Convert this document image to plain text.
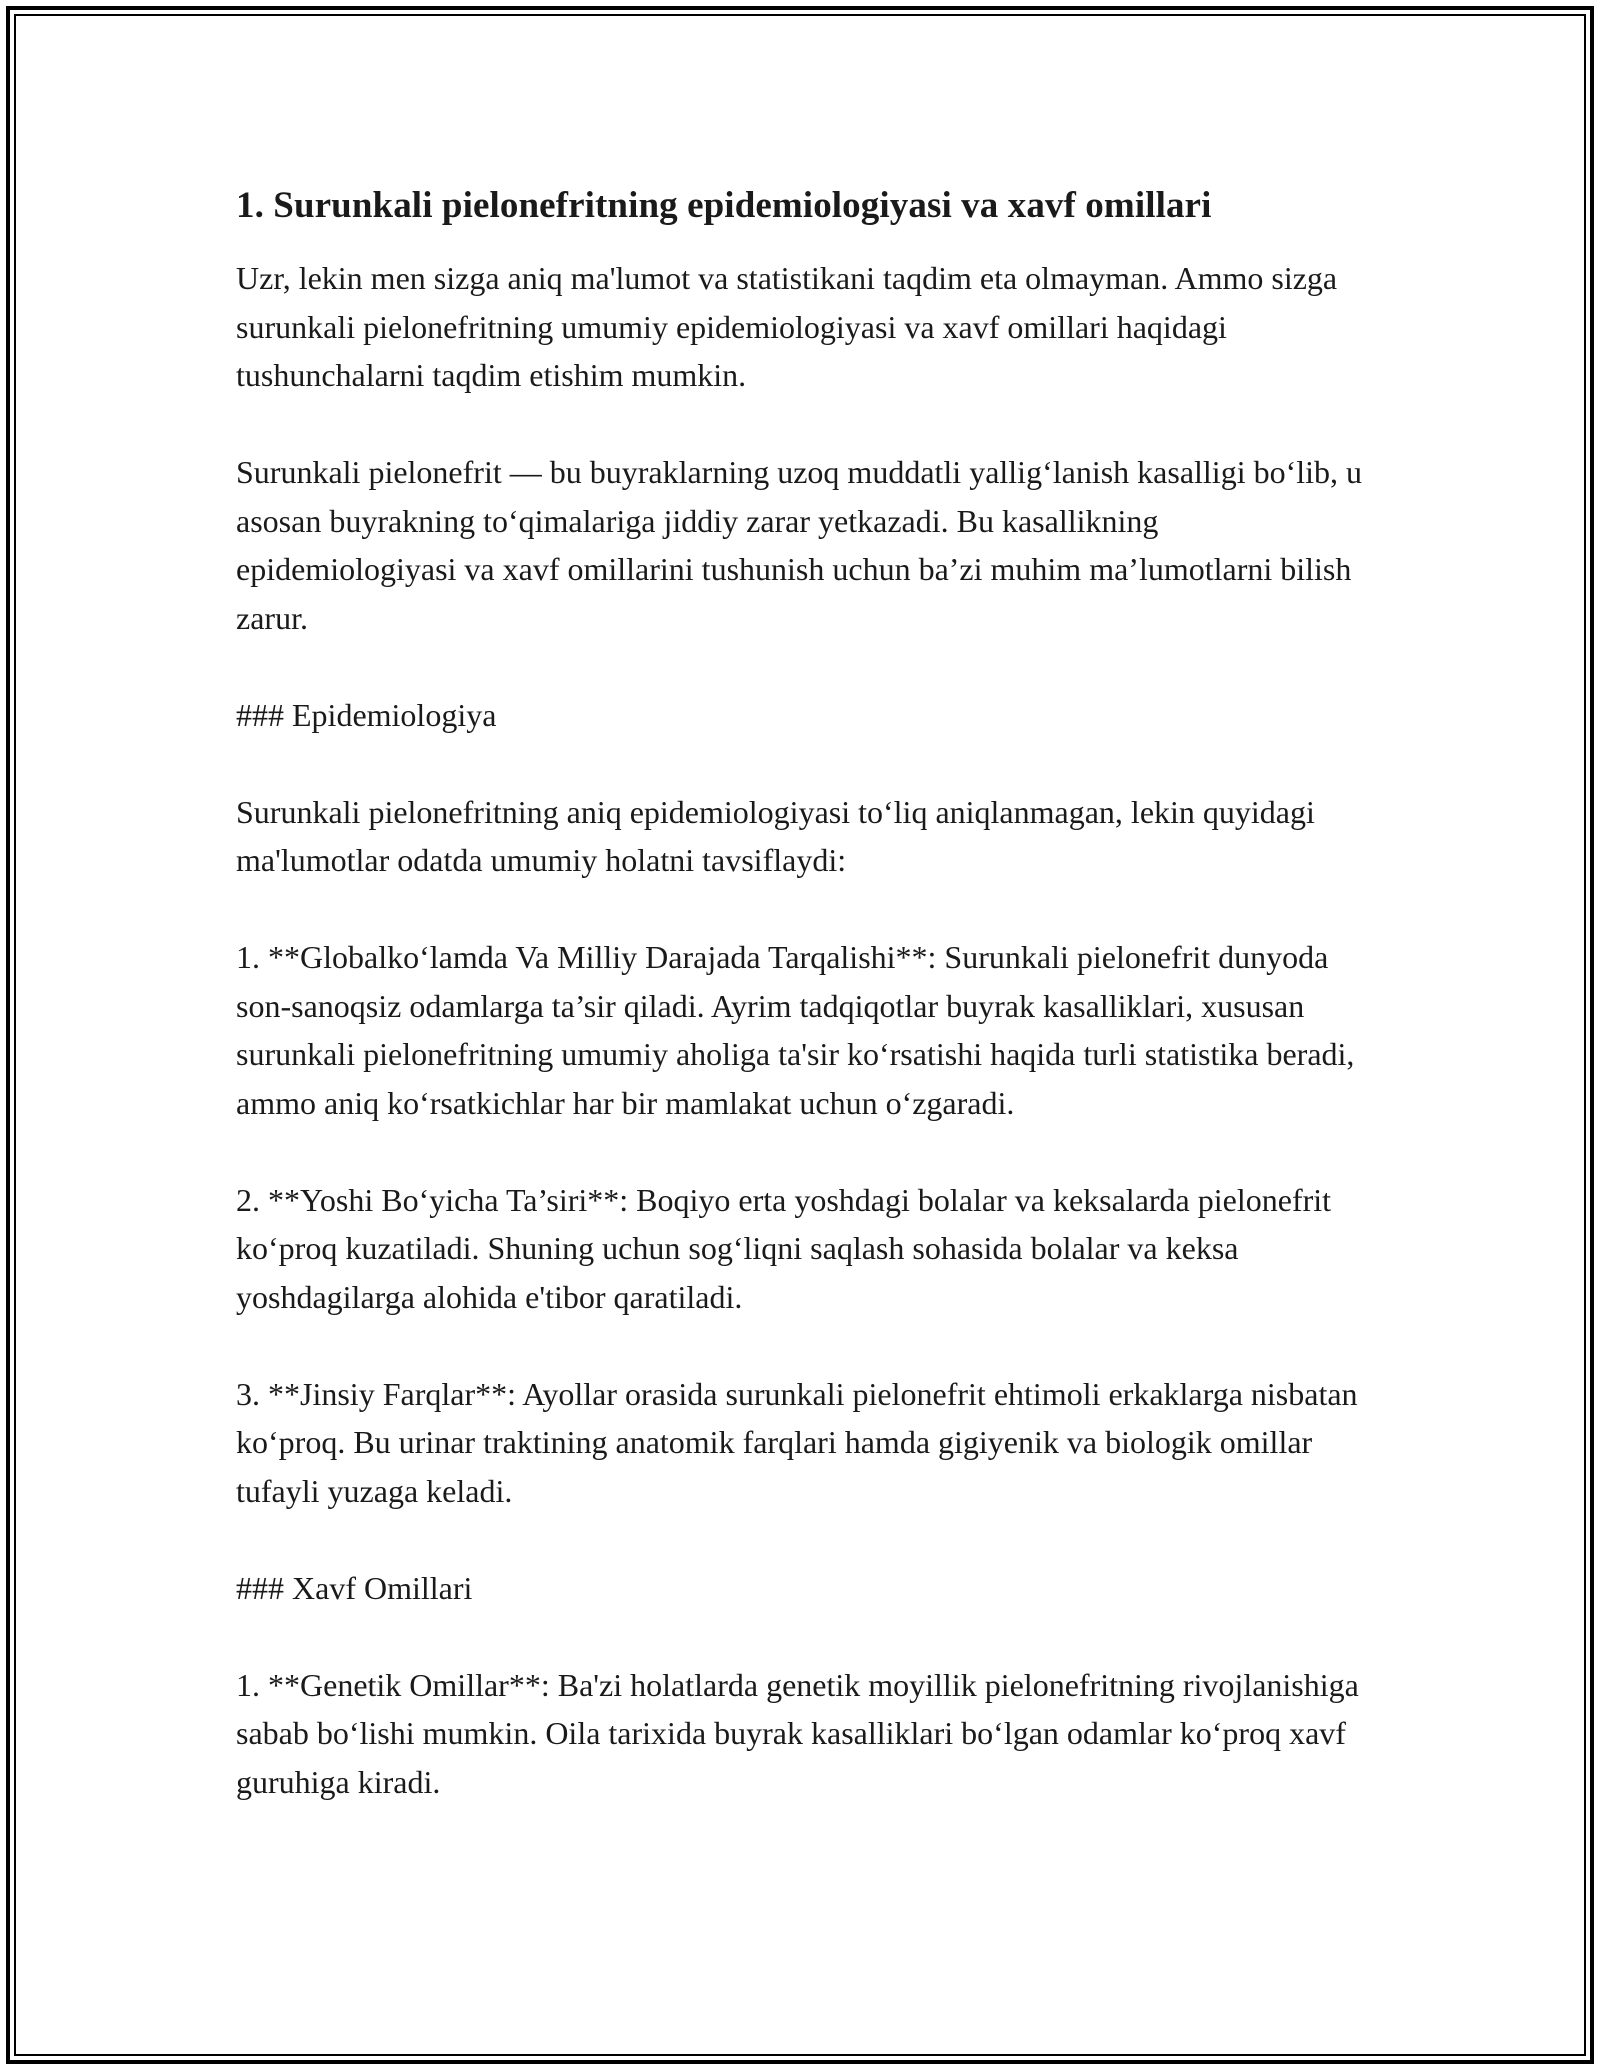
1. Surunkali pielonefritning epidemiologiyasi va xavf omillari

Uzr, lekin men sizga aniq ma'lumot va statistikani taqdim eta olmayman. Ammo sizga surunkali pielonefritning umumiy epidemiologiyasi va xavf omillari haqidagi tushunchalarni taqdim etishim mumkin.

Surunkali pielonefrit — bu buyraklarning uzoq muddatli yallig‘lanish kasalligi bo‘lib, u asosan buyrakning to‘qimalariga jiddiy zarar yetkazadi. Bu kasallikning epidemiologiyasi va xavf omillarini tushunish uchun ba’zi muhim ma’lumotlarni bilish zarur.

### Epidemiologiya

Surunkali pielonefritning aniq epidemiologiyasi to‘liq aniqlanmagan, lekin quyidagi ma'lumotlar odatda umumiy holatni tavsiflaydi:

1. **Globalko‘lamda Va Milliy Darajada Tarqalishi**: Surunkali pielonefrit dunyoda son-sanoqsiz odamlarga ta’sir qiladi. Ayrim tadqiqotlar buyrak kasalliklari, xususan surunkali pielonefritning umumiy aholiga ta'sir ko‘rsatishi haqida turli statistika beradi, ammo aniq ko‘rsatkichlar har bir mamlakat uchun o‘zgaradi.

2. **Yoshi Bo‘yicha Ta’siri**: Boqiyo erta yoshdagi bolalar va keksalarda pielonefrit ko‘proq kuzatiladi. Shuning uchun sog‘liqni saqlash sohasida bolalar va keksa yoshdagilarga alohida e'tibor qaratiladi.

3. **Jinsiy Farqlar**: Ayollar orasida surunkali pielonefrit ehtimoli erkaklarga nisbatan ko‘proq. Bu urinar traktining anatomik farqlari hamda gigiyenik va biologik omillar tufayli yuzaga keladi.

### Xavf Omillari

1. **Genetik Omillar**: Ba'zi holatlarda genetik moyillik pielonefritning rivojlanishiga sabab bo‘lishi mumkin. Oila tarixida buyrak kasalliklari bo‘lgan odamlar ko‘proq xavf guruhiga kiradi.
